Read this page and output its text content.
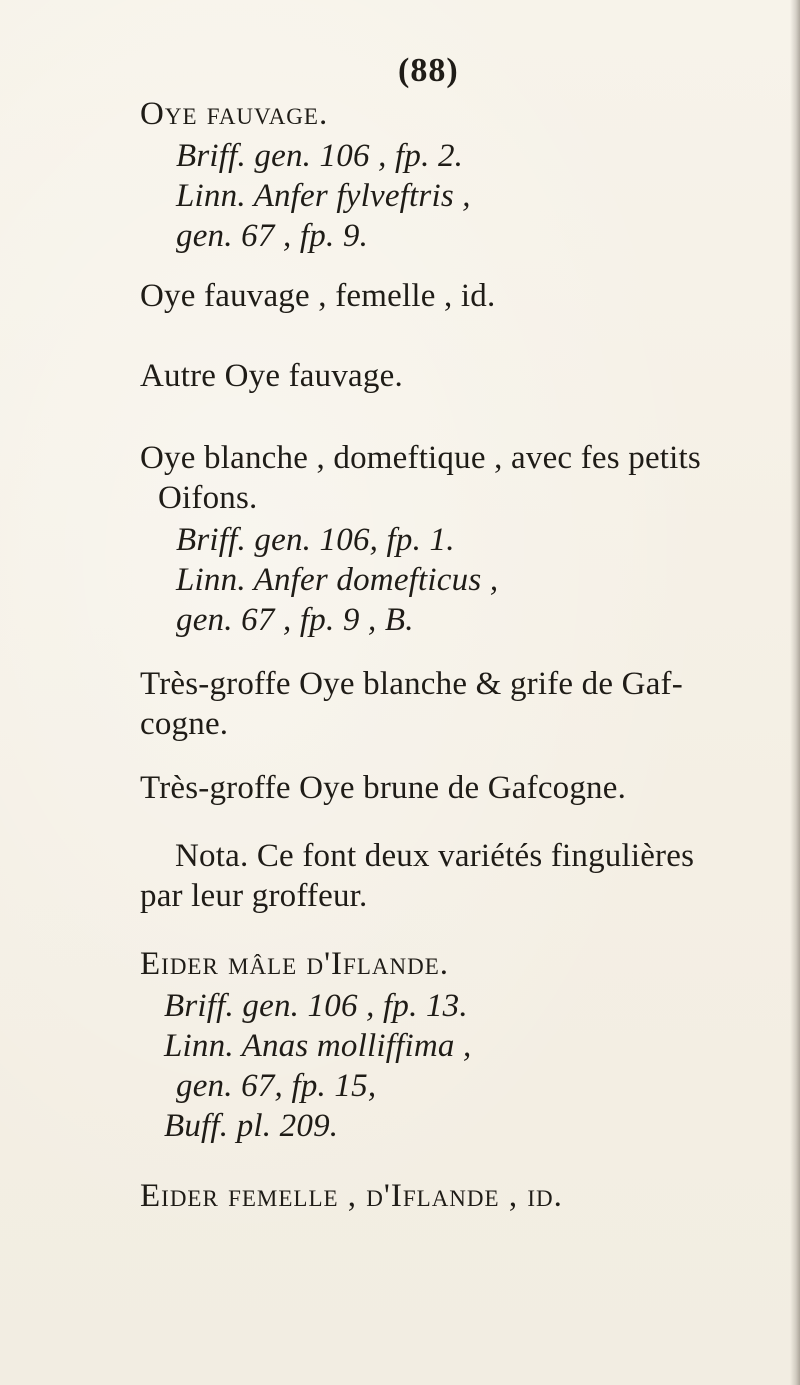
(88)
Oye fauvage.
Briff. gen. 106 , fp. 2.
Linn. Anfer fylveftris ,
gen. 67 , fp. 9.
Oye fauvage , femelle , id.
Autre Oye fauvage.
Oye blanche , domeftique , avec fes petits
Oifons.
Briff. gen. 106, fp. 1.
Linn. Anfer domefticus ,
gen. 67 , fp. 9 , B.
Très-groffe Oye blanche & grife de Gaf-
cogne.
Très-groffe Oye brune de Gafcogne.
Nota. Ce font deux variétés fingulières
par leur groffeur.
Eider mâle d'Iflande.
Briff. gen. 106 , fp. 13.
Linn. Anas molliffima ,
gen. 67, fp. 15,
Buff. pl. 209.
Eider femelle , d'Iflande , id.
